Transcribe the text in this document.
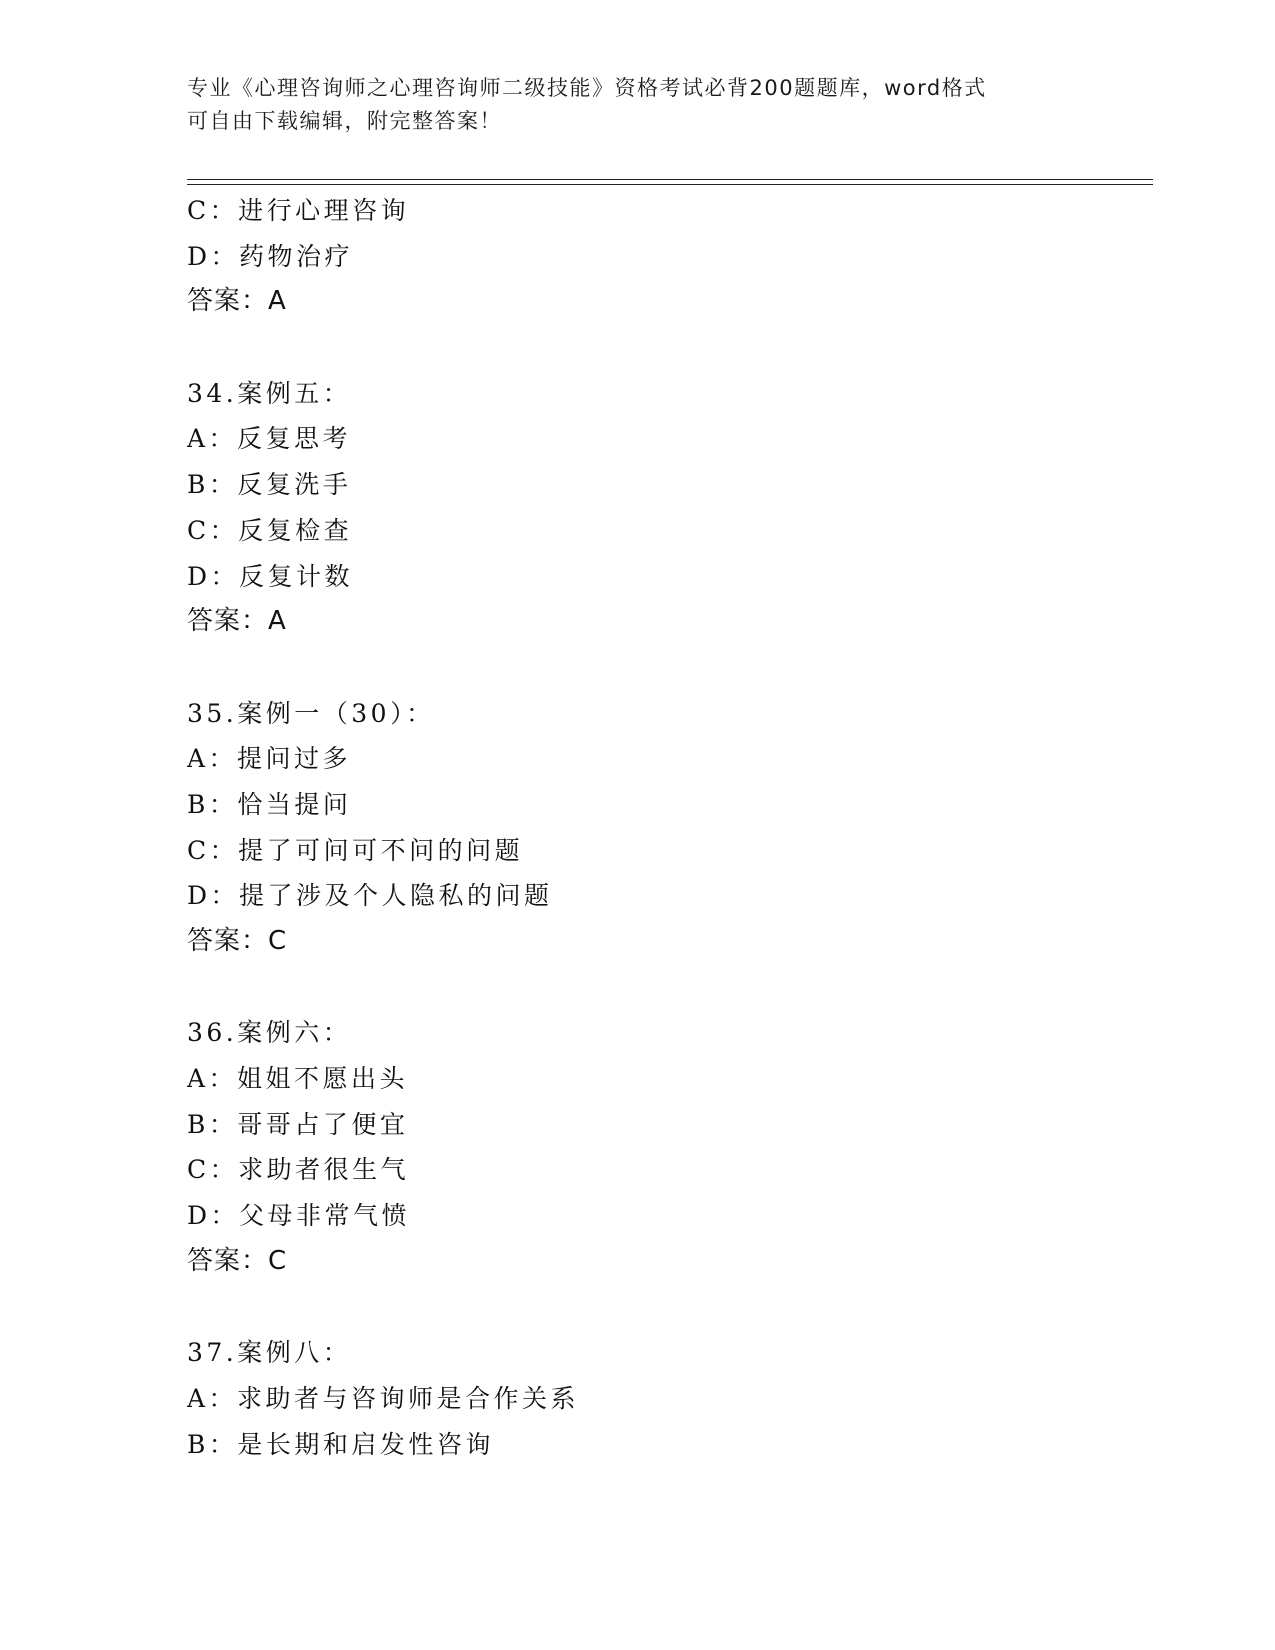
专业《心理咨询师之心理咨询师二级技能》资格考试必背200题题库，word格式
可自由下载编辑，附完整答案！
C：进行心理咨询
D：药物治疗
答案：A
34.案例五：
A：反复思考
B：反复洗手
C：反复检查
D：反复计数
答案：A
35.案例一（30）：
A：提问过多
B：恰当提问
C：提了可问可不问的问题
D：提了涉及个人隐私的问题
答案：C
36.案例六：
A：姐姐不愿出头
B：哥哥占了便宜
C：求助者很生气
D：父母非常气愤
答案：C
37.案例八：
A：求助者与咨询师是合作关系
B：是长期和启发性咨询
